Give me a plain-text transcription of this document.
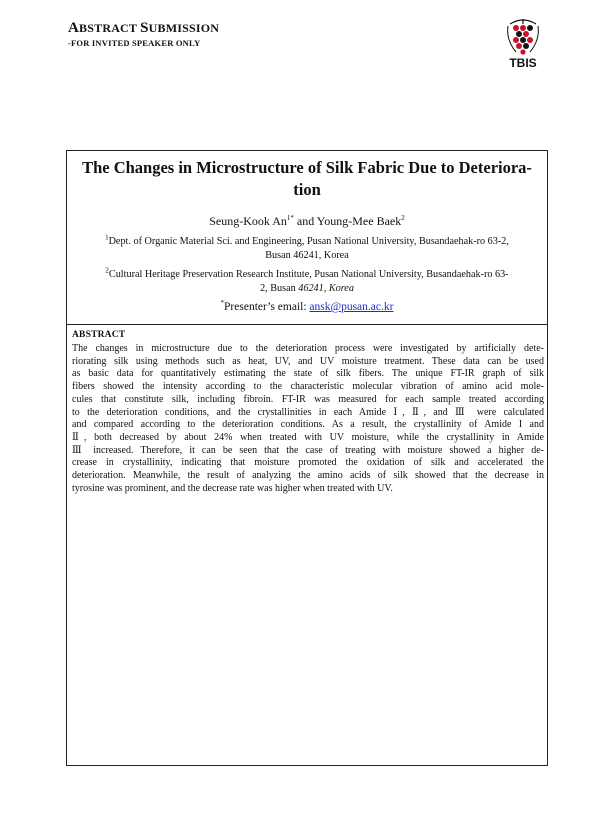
ABSTRACT SUBMISSION
-FOR INVITED SPEAKER ONLY
TBIS
The Changes in Microstructure of Silk Fabric Due to Deteriora-
tion
Seung-Kook $An^{1*}$ and Young-Mee Baek$^2$
$^1$Dept. of Organic Material Sci. and Engineering, Pusan National University, Busandaehak-ro 63-2,
Busan 46241, Korea
$^2$Cultural Heritage Preservation Research Institute, Pusan National University, Busandaehak-ro 63-
2, Busan 46241, Korea
*Presenter’s email: ansk@pusan.ac.kr
ABSTRACT
The changes in microstructure due to the deterioration process were investigated by artificially dete-
riorating silk using methods such as heat, UV, and UV moisture treatment. These data can be used
as basic data for quantitatively estimating the state of silk fibers. The unique FT-IR graph of silk
fibers showed the intensity according to the characteristic molecular vibration of amino acid mole-
cules that constitute silk, including fibroin. FT-IR was measured for each sample treated according
to the deterioration conditions, and the crystallinities in each Amide Ⅰ, Ⅱ, and Ⅲ were calculated
and compared according to the deterioration conditions. As a result, the crystallinity of Amide I and
Ⅱ, both decreased by about 24% when treated with UV moisture, while the crystallinity in Amide
Ⅲ increased. Therefore, it can be seen that the case of treating with moisture showed a higher de-
crease in crystallinity, indicating that moisture promoted the oxidation of silk and accelerated the
deterioration. Meanwhile, the result of analyzing the amino acids of silk showed that the decrease in
tyrosine was prominent, and the decrease rate was higher when treated with UV.
